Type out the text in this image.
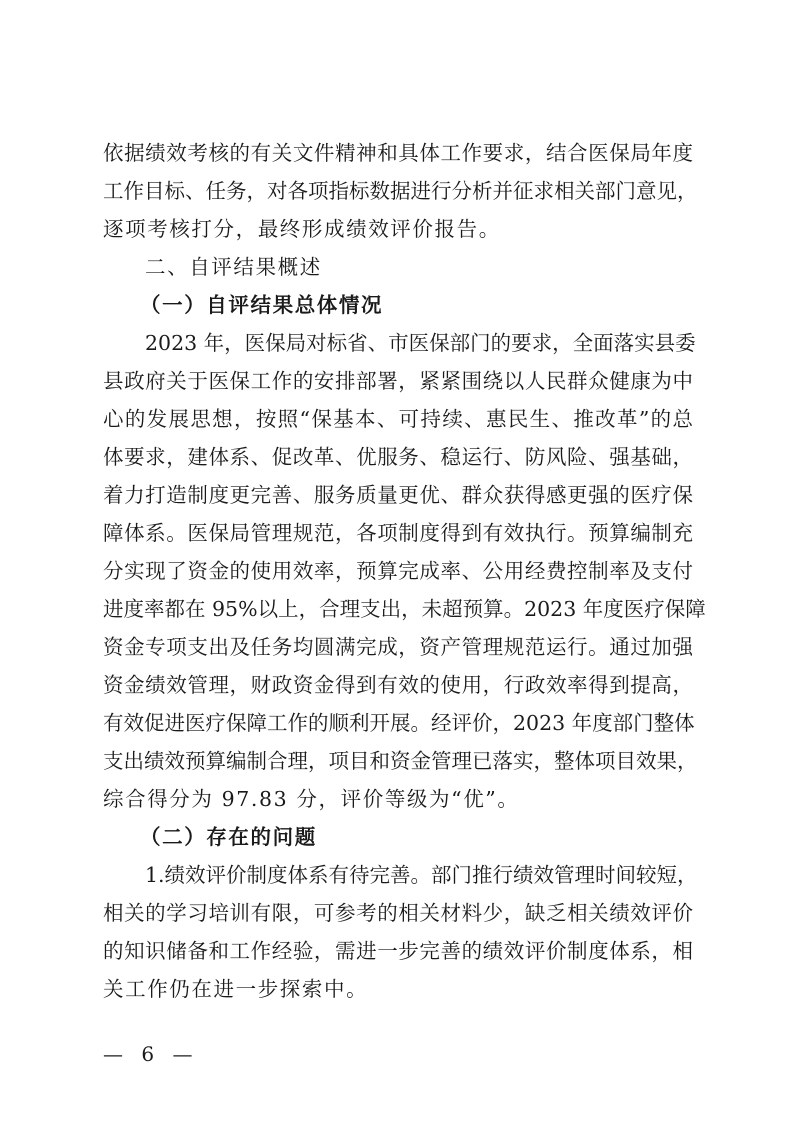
依据绩效考核的有关文件精神和具体工作要求，结合医保局年度
工作目标、任务，对各项指标数据进行分析并征求相关部门意见，
逐项考核打分，最终形成绩效评价报告。
二、自评结果概述
（一）自评结果总体情况
2023 年，医保局对标省、市医保部门的要求，全面落实县委
县政府关于医保工作的安排部署，紧紧围绕以人民群众健康为中
心的发展思想，按照“保基本、可持续、惠民生、推改革”的总
体要求，建体系、促改革、优服务、稳运行、防风险、强基础，
着力打造制度更完善、服务质量更优、群众获得感更强的医疗保
障体系。医保局管理规范，各项制度得到有效执行。预算编制充
分实现了资金的使用效率，预算完成率、公用经费控制率及支付
进度率都在 95%以上，合理支出，未超预算。2023 年度医疗保障
资金专项支出及任务均圆满完成，资产管理规范运行。通过加强
资金绩效管理，财政资金得到有效的使用，行政效率得到提高，
有效促进医疗保障工作的顺利开展。经评价，2023 年度部门整体
支出绩效预算编制合理，项目和资金管理已落实，整体项目效果，
综合得分为 97.83 分，评价等级为“优”。
（二）存在的问题
1.绩效评价制度体系有待完善。部门推行绩效管理时间较短，
相关的学习培训有限，可参考的相关材料少，缺乏相关绩效评价
的知识储备和工作经验，需进一步完善的绩效评价制度体系，相
关工作仍在进一步探索中。
— 6 —
